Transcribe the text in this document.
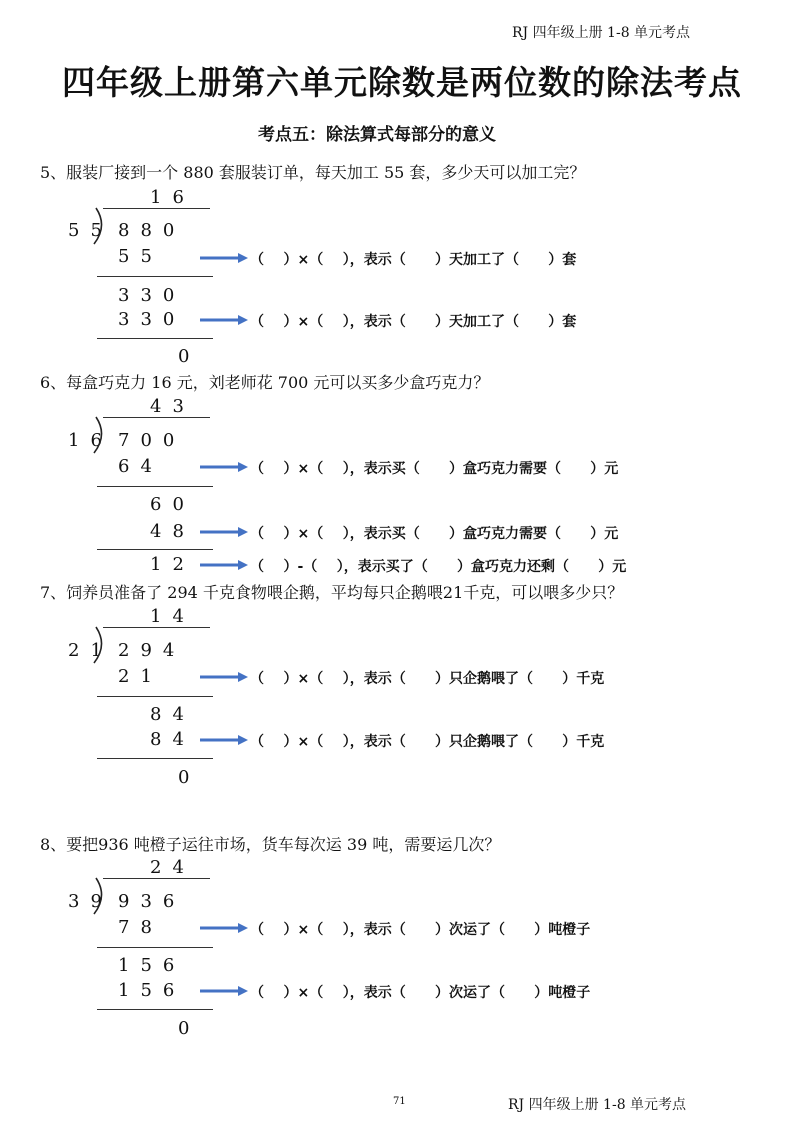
RJ 四年级上册 1-8 单元考点
四年级上册第六单元除数是两位数的除法考点
考点五：除法算式每部分的意义
5、服装厂接到一个 880 套服装订单，每天加工 55 套，多少天可以加工完？
16
55 880
55
330
330
0
（    ）×（    ），表示（      ）天加工了（      ）套
（    ）×（    ），表示（      ）天加工了（      ）套
6、每盒巧克力 16 元，刘老师花 700 元可以买多少盒巧克力？
43
16 700
64
60
48
12
（    ）×（    ），表示买（      ）盒巧克力需要（      ）元
（    ）×（    ），表示买（      ）盒巧克力需要（      ）元
（    ）-（    ），表示买了（      ）盒巧克力还剩（      ）元
7、饲养员准备了 294 千克食物喂企鹅，平均每只企鹅喂21千克，可以喂多少只？
14
21 294
21
84
84
0
（    ）×（    ），表示（      ）只企鹅喂了（      ）千克
（    ）×（    ），表示（      ）只企鹅喂了（      ）千克
8、要把936 吨橙子运往市场，货车每次运 39 吨，需要运几次？
24
39 936
78
156
156
0
（    ）×（    ），表示（      ）次运了（      ）吨橙子
（    ）×（    ），表示（      ）次运了（      ）吨橙子
71	RJ 四年级上册 1-8 单元考点
